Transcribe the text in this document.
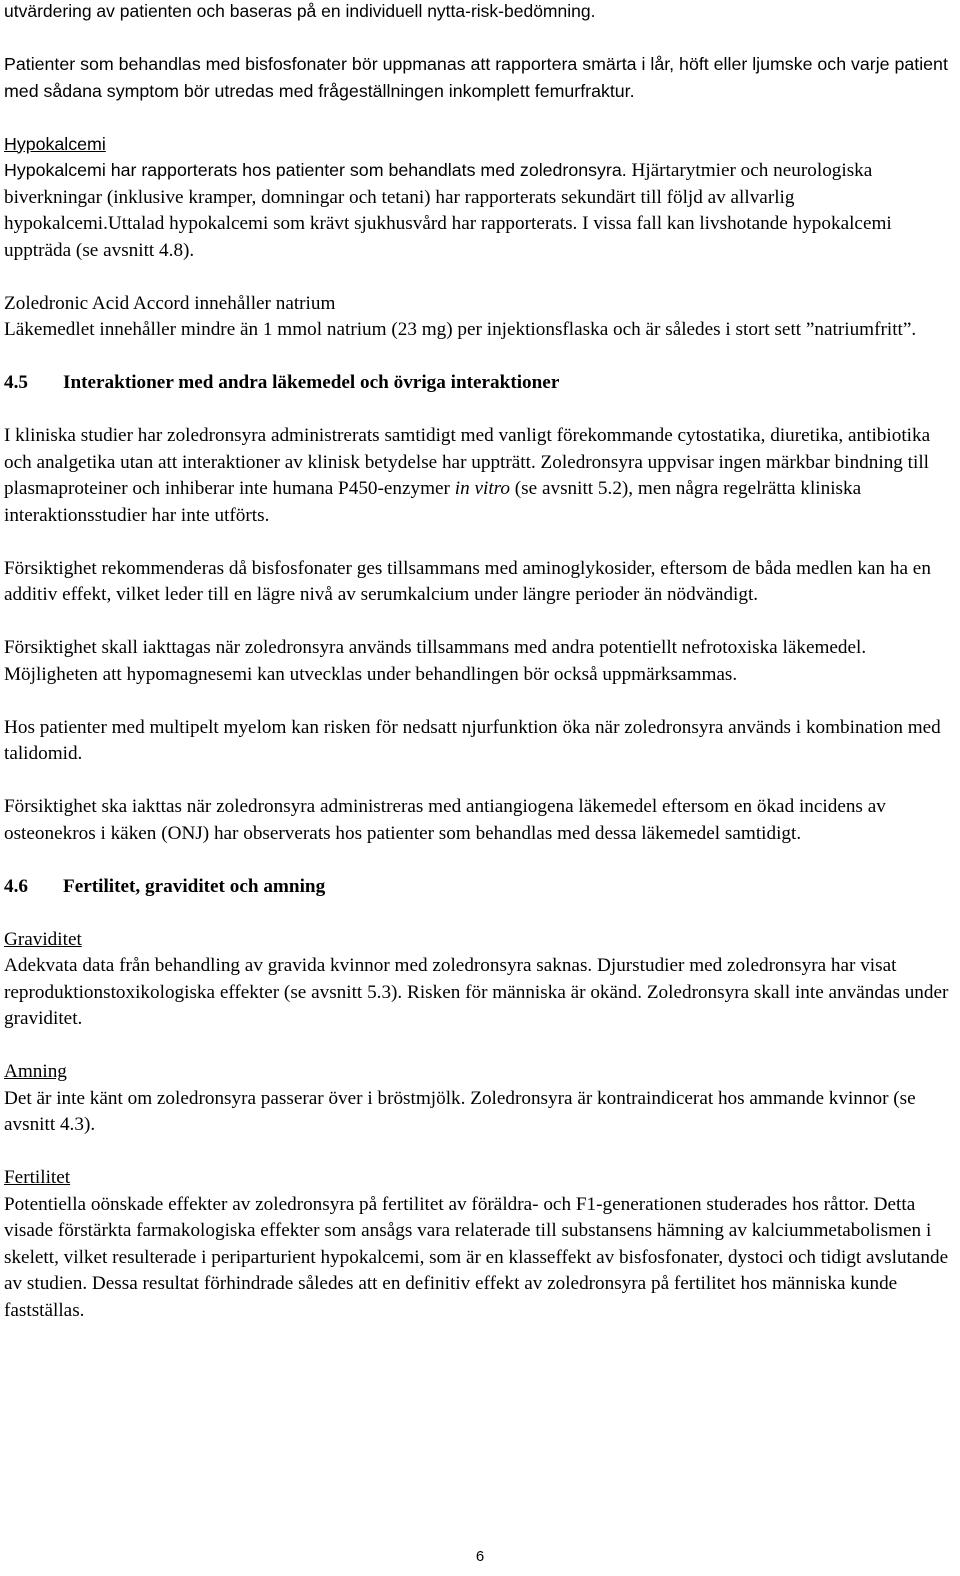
utvärdering av patienten och baseras på en individuell nytta-risk-bedömning.

Patienter som behandlas med bisfosfonater bör uppmanas att rapportera smärta i lår, höft eller ljumske och varje patient med sådana symptom bör utredas med frågeställningen inkomplett femurfraktur.

Hypokalcemi

Hypokalcemi har rapporterats hos patienter som behandlats med zoledronsyra. Hjärtarytmier och neurologiska biverkningar (inklusive kramper, domningar och tetani) har rapporterats sekundärt till följd av allvarlig hypokalcemi.Uttalad hypokalcemi som krävt sjukhusvård har rapporterats. I vissa fall kan livshotande hypokalcemi uppträda (se avsnitt 4.8).

Zoledronic Acid Accord innehåller natrium

Läkemedlet innehåller mindre än 1 mmol natrium (23 mg) per injektionsflaska och är således i stort sett ”natriumfritt”.

4.5 Interaktioner med andra läkemedel och övriga interaktioner

I kliniska studier har zoledronsyra administrerats samtidigt med vanligt förekommande cytostatika, diuretika, antibiotika och analgetika utan att interaktioner av klinisk betydelse har uppträtt. Zoledronsyra uppvisar ingen märkbar bindning till plasmaproteiner och inhiberar inte humana P450-enzymer in vitro (se avsnitt 5.2), men några regelrätta kliniska interaktionsstudier har inte utförts.

Försiktighet rekommenderas då bisfosfonater ges tillsammans med aminoglykosider, eftersom de båda medlen kan ha en additiv effekt, vilket leder till en lägre nivå av serumkalcium under längre perioder än nödvändigt.

Försiktighet skall iakttagas när zoledronsyra används tillsammans med andra potentiellt nefrotoxiska läkemedel. Möjligheten att hypomagnesemi kan utvecklas under behandlingen bör också uppmärksammas.

Hos patienter med multipelt myelom kan risken för nedsatt njurfunktion öka när zoledronsyra används i kombination med talidomid.

Försiktighet ska iakttas när zoledronsyra administreras med antiangiogena läkemedel eftersom en ökad incidens av osteonekros i käken (ONJ) har observerats hos patienter som behandlas med dessa läkemedel samtidigt.

4.6 Fertilitet, graviditet och amning

Graviditet

Adekvata data från behandling av gravida kvinnor med zoledronsyra saknas. Djurstudier med zoledronsyra har visat reproduktionstoxikologiska effekter (se avsnitt 5.3). Risken för människa är okänd. Zoledronsyra skall inte användas under graviditet.

Amning

Det är inte känt om zoledronsyra passerar över i bröstmjölk. Zoledronsyra är kontraindicerat hos ammande kvinnor (se avsnitt 4.3).

Fertilitet

Potentiella oönskade effekter av zoledronsyra på fertilitet av föräldra- och F1-generationen studerades hos råttor. Detta visade förstärkta farmakologiska effekter som ansågs vara relaterade till substansens hämning av kalciummetabolismen i skelett, vilket resulterade i periparturient hypokalcemi, som är en klasseffekt av bisfosfonater, dystoci och tidigt avslutande av studien. Dessa resultat förhindrade således att en definitiv effekt av zoledronsyra på fertilitet hos människa kunde fastställas.

6
